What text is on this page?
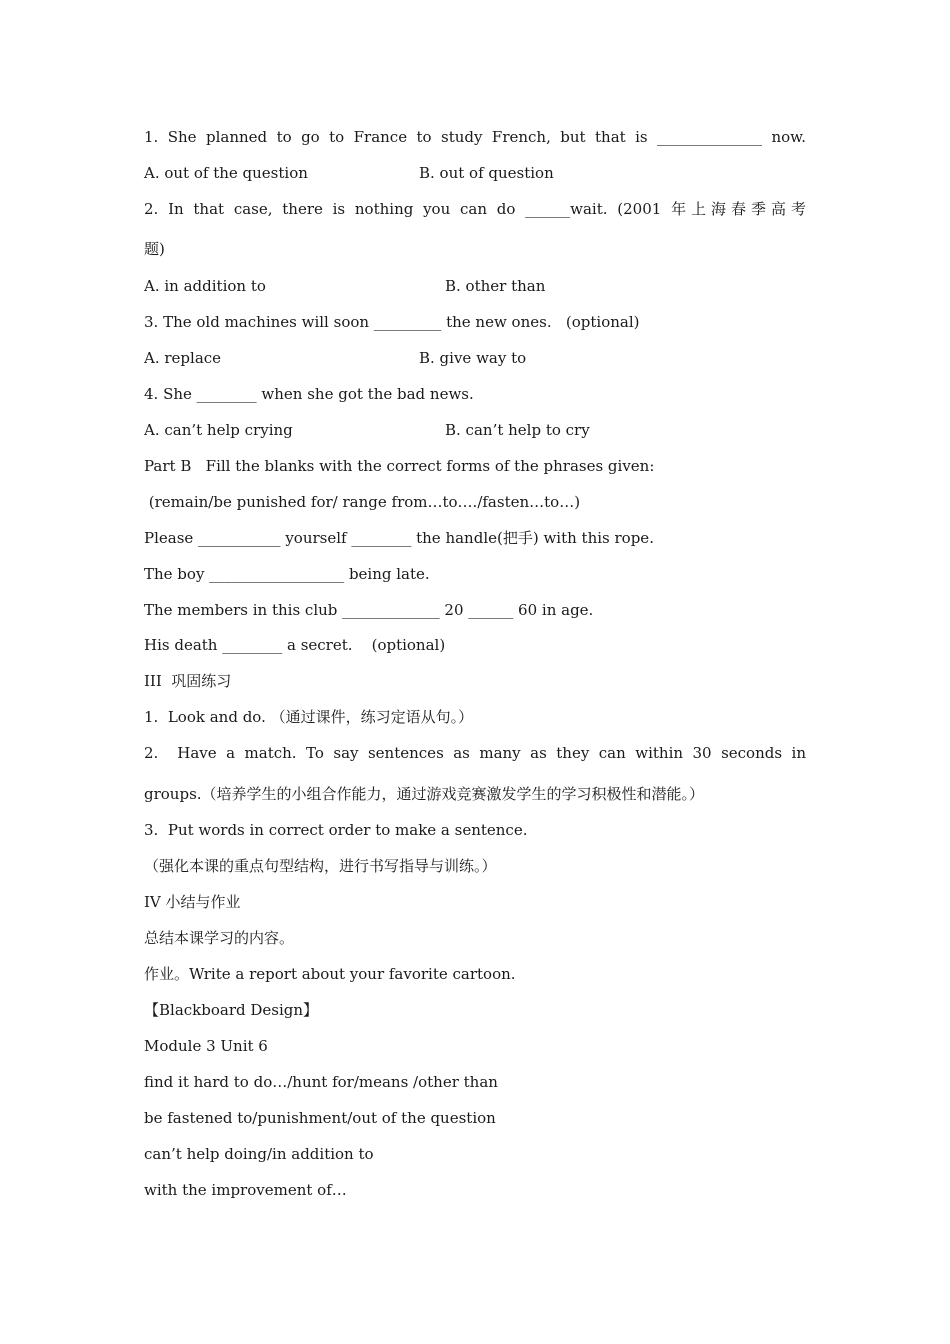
1. She planned to go to France to study French, but that is ______________ now.

A. out of the question

	B. out of question

2. In that case, there is nothing you can do ______wait. (2001 年上海春季高考

题)

A. in addition to

	B. other than

3. The old machines will soon _________ the new ones.   (optional)

A. replace

	B. give way to

4. She ________ when she got the bad news.

A. can’t help crying

	B. can’t help to cry

Part B   Fill the blanks with the correct forms of the phrases given:

(remain/be punished for/ range from…to…./fasten…to…)

Please ___________ yourself ________ the handle(把手) with this rope.

The boy __________________ being late.

The members in this club _____________ 20 ______ 60 in age.

His death ________ a secret.    (optional)

III  巩固练习

1.  Look and do. （通过课件，练习定语从句。）

2.  Have a match. To say sentences as many as they can within 30 seconds in

groups.（培养学生的小组合作能力，通过游戏竞赛激发学生的学习积极性和潜能。）

3.  Put words in correct order to make a sentence.

（强化本课的重点句型结构，进行书写指导与训练。）

IV 小结与作业

总结本课学习的内容。

作业。Write a report about your favorite cartoon.

【Blackboard Design】

Module 3 Unit 6

find it hard to do…/hunt for/means /other than

be fastened to/punishment/out of the question

can’t help doing/in addition to

with the improvement of…
